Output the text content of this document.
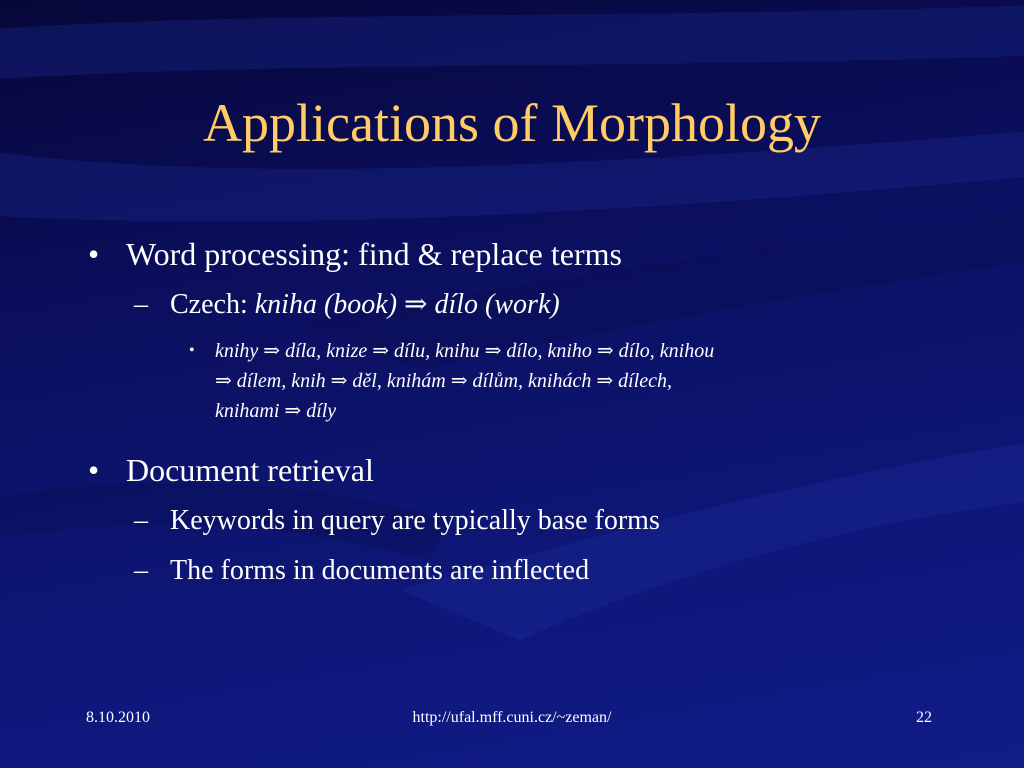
Applications of Morphology
• Word processing: find & replace terms
– Czech: kniha (book) ⇒ dílo (work)
• knihy ⇒ díla, knize ⇒ dílu, knihu ⇒ dílo, kniho ⇒ dílo, knihou
⇒ dílem, knih ⇒ děl, knihám ⇒ dílům, knihách ⇒ dílech,
knihami ⇒ díly
• Document retrieval
– Keywords in query are typically base forms
– The forms in documents are inflected
8.10.2010	http://ufal.mff.cuni.cz/~zeman/	22
